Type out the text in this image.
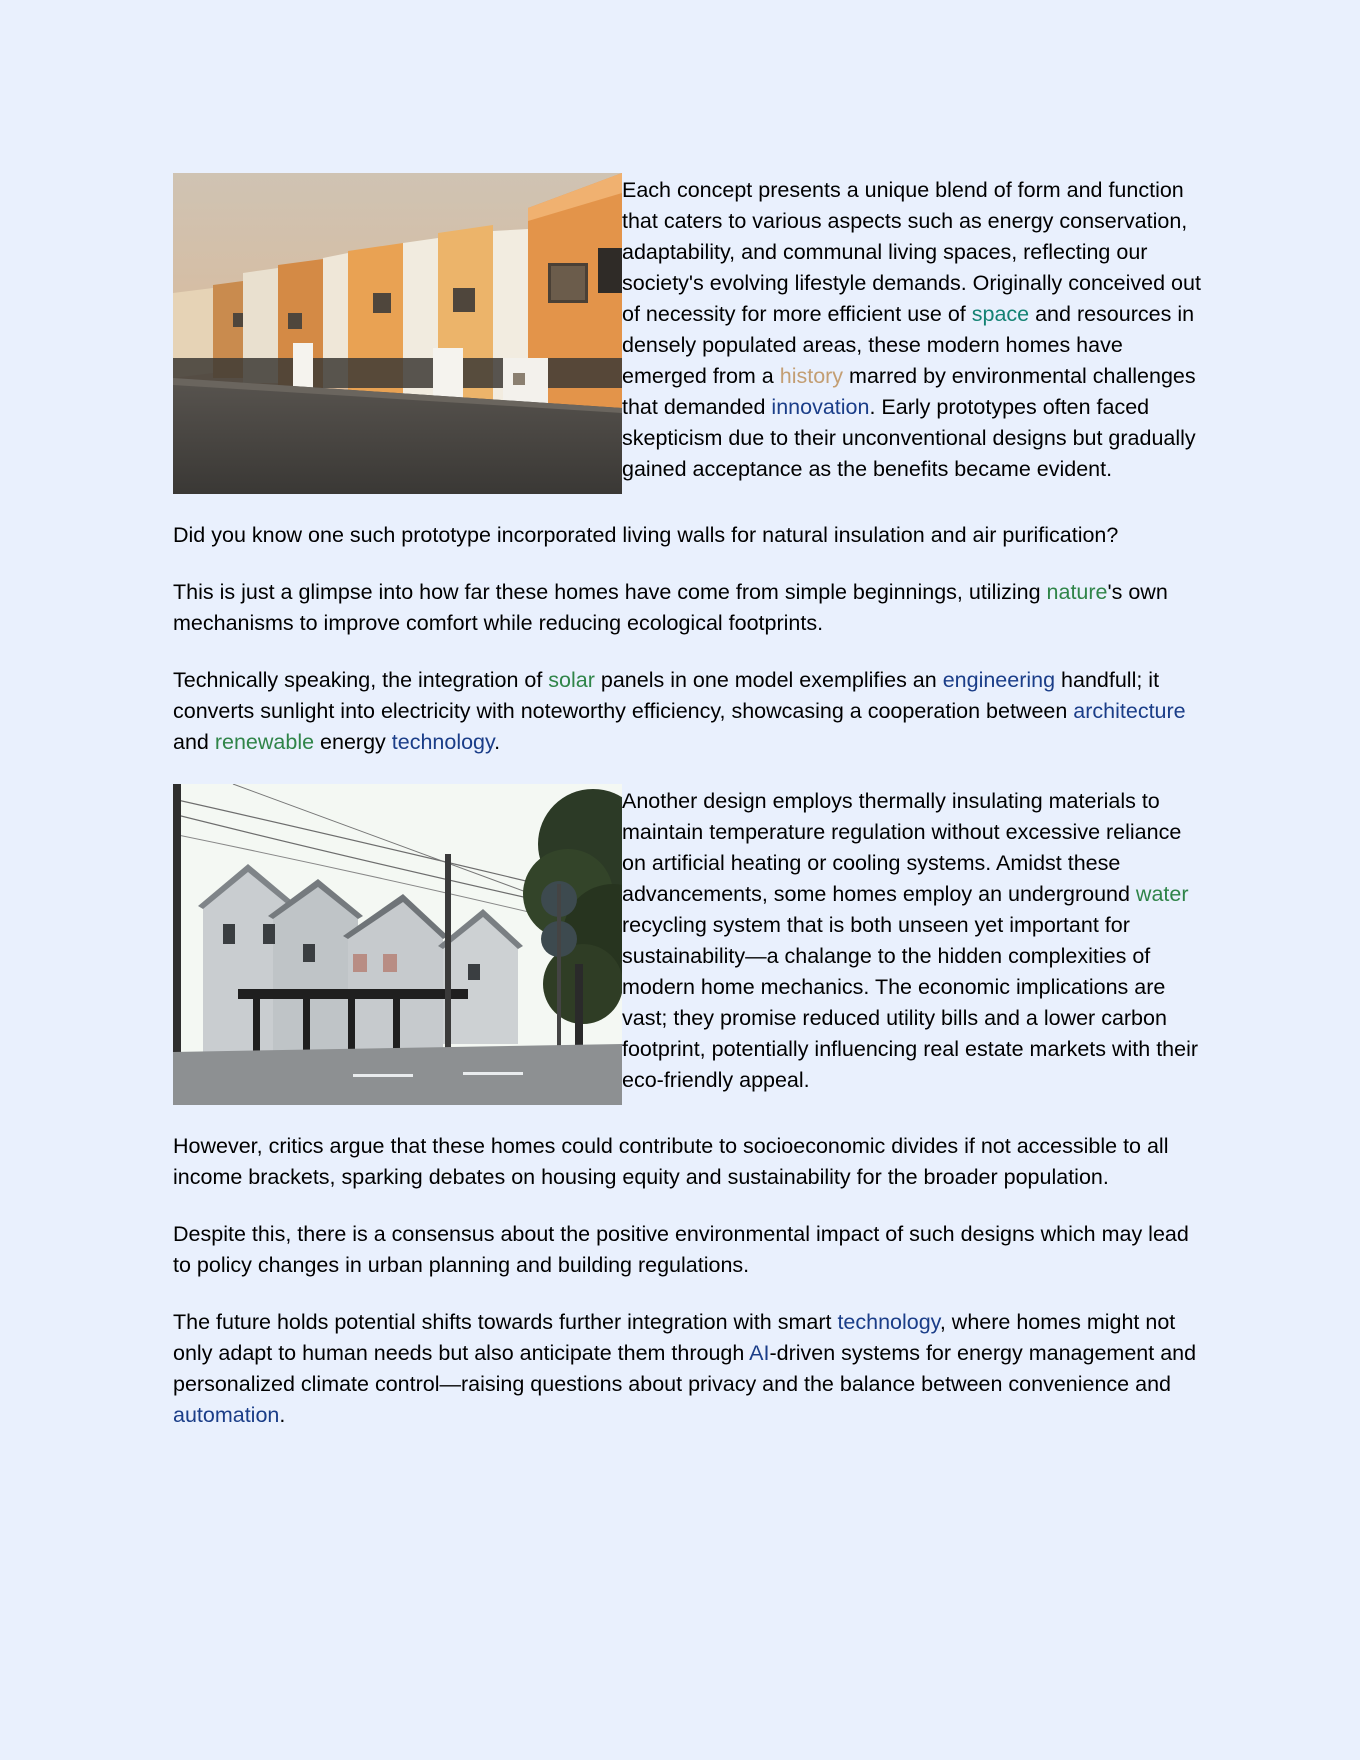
Each concept presents a unique blend of form and function that caters to various aspects such as energy conservation, adaptability, and communal living spaces, reflecting our society's evolving lifestyle demands. Originally conceived out of necessity for more efficient use of space and resources in densely populated areas, these modern homes have emerged from a history marred by environmental challenges that demanded innovation. Early prototypes often faced skepticism due to their unconventional designs but gradually gained acceptance as the benefits became evident.

Did you know one such prototype incorporated living walls for natural insulation and air purification?

This is just a glimpse into how far these homes have come from simple beginnings, utilizing nature's own mechanisms to improve comfort while reducing ecological footprints.

Technically speaking, the integration of solar panels in one model exemplifies an engineering handfull; it converts sunlight into electricity with noteworthy efficiency, showcasing a cooperation between architecture and renewable energy technology.

Another design employs thermally insulating materials to maintain temperature regulation without excessive reliance on artificial heating or cooling systems. Amidst these advancements, some homes employ an underground water recycling system that is both unseen yet important for sustainability—a chalange to the hidden complexities of modern home mechanics. The economic implications are vast; they promise reduced utility bills and a lower carbon footprint, potentially influencing real estate markets with their eco-friendly appeal.

However, critics argue that these homes could contribute to socioeconomic divides if not accessible to all income brackets, sparking debates on housing equity and sustainability for the broader population.

Despite this, there is a consensus about the positive environmental impact of such designs which may lead to policy changes in urban planning and building regulations.

The future holds potential shifts towards further integration with smart technology, where homes might not only adapt to human needs but also anticipate them through AI-driven systems for energy management and personalized climate control—raising questions about privacy and the balance between convenience and automation.
